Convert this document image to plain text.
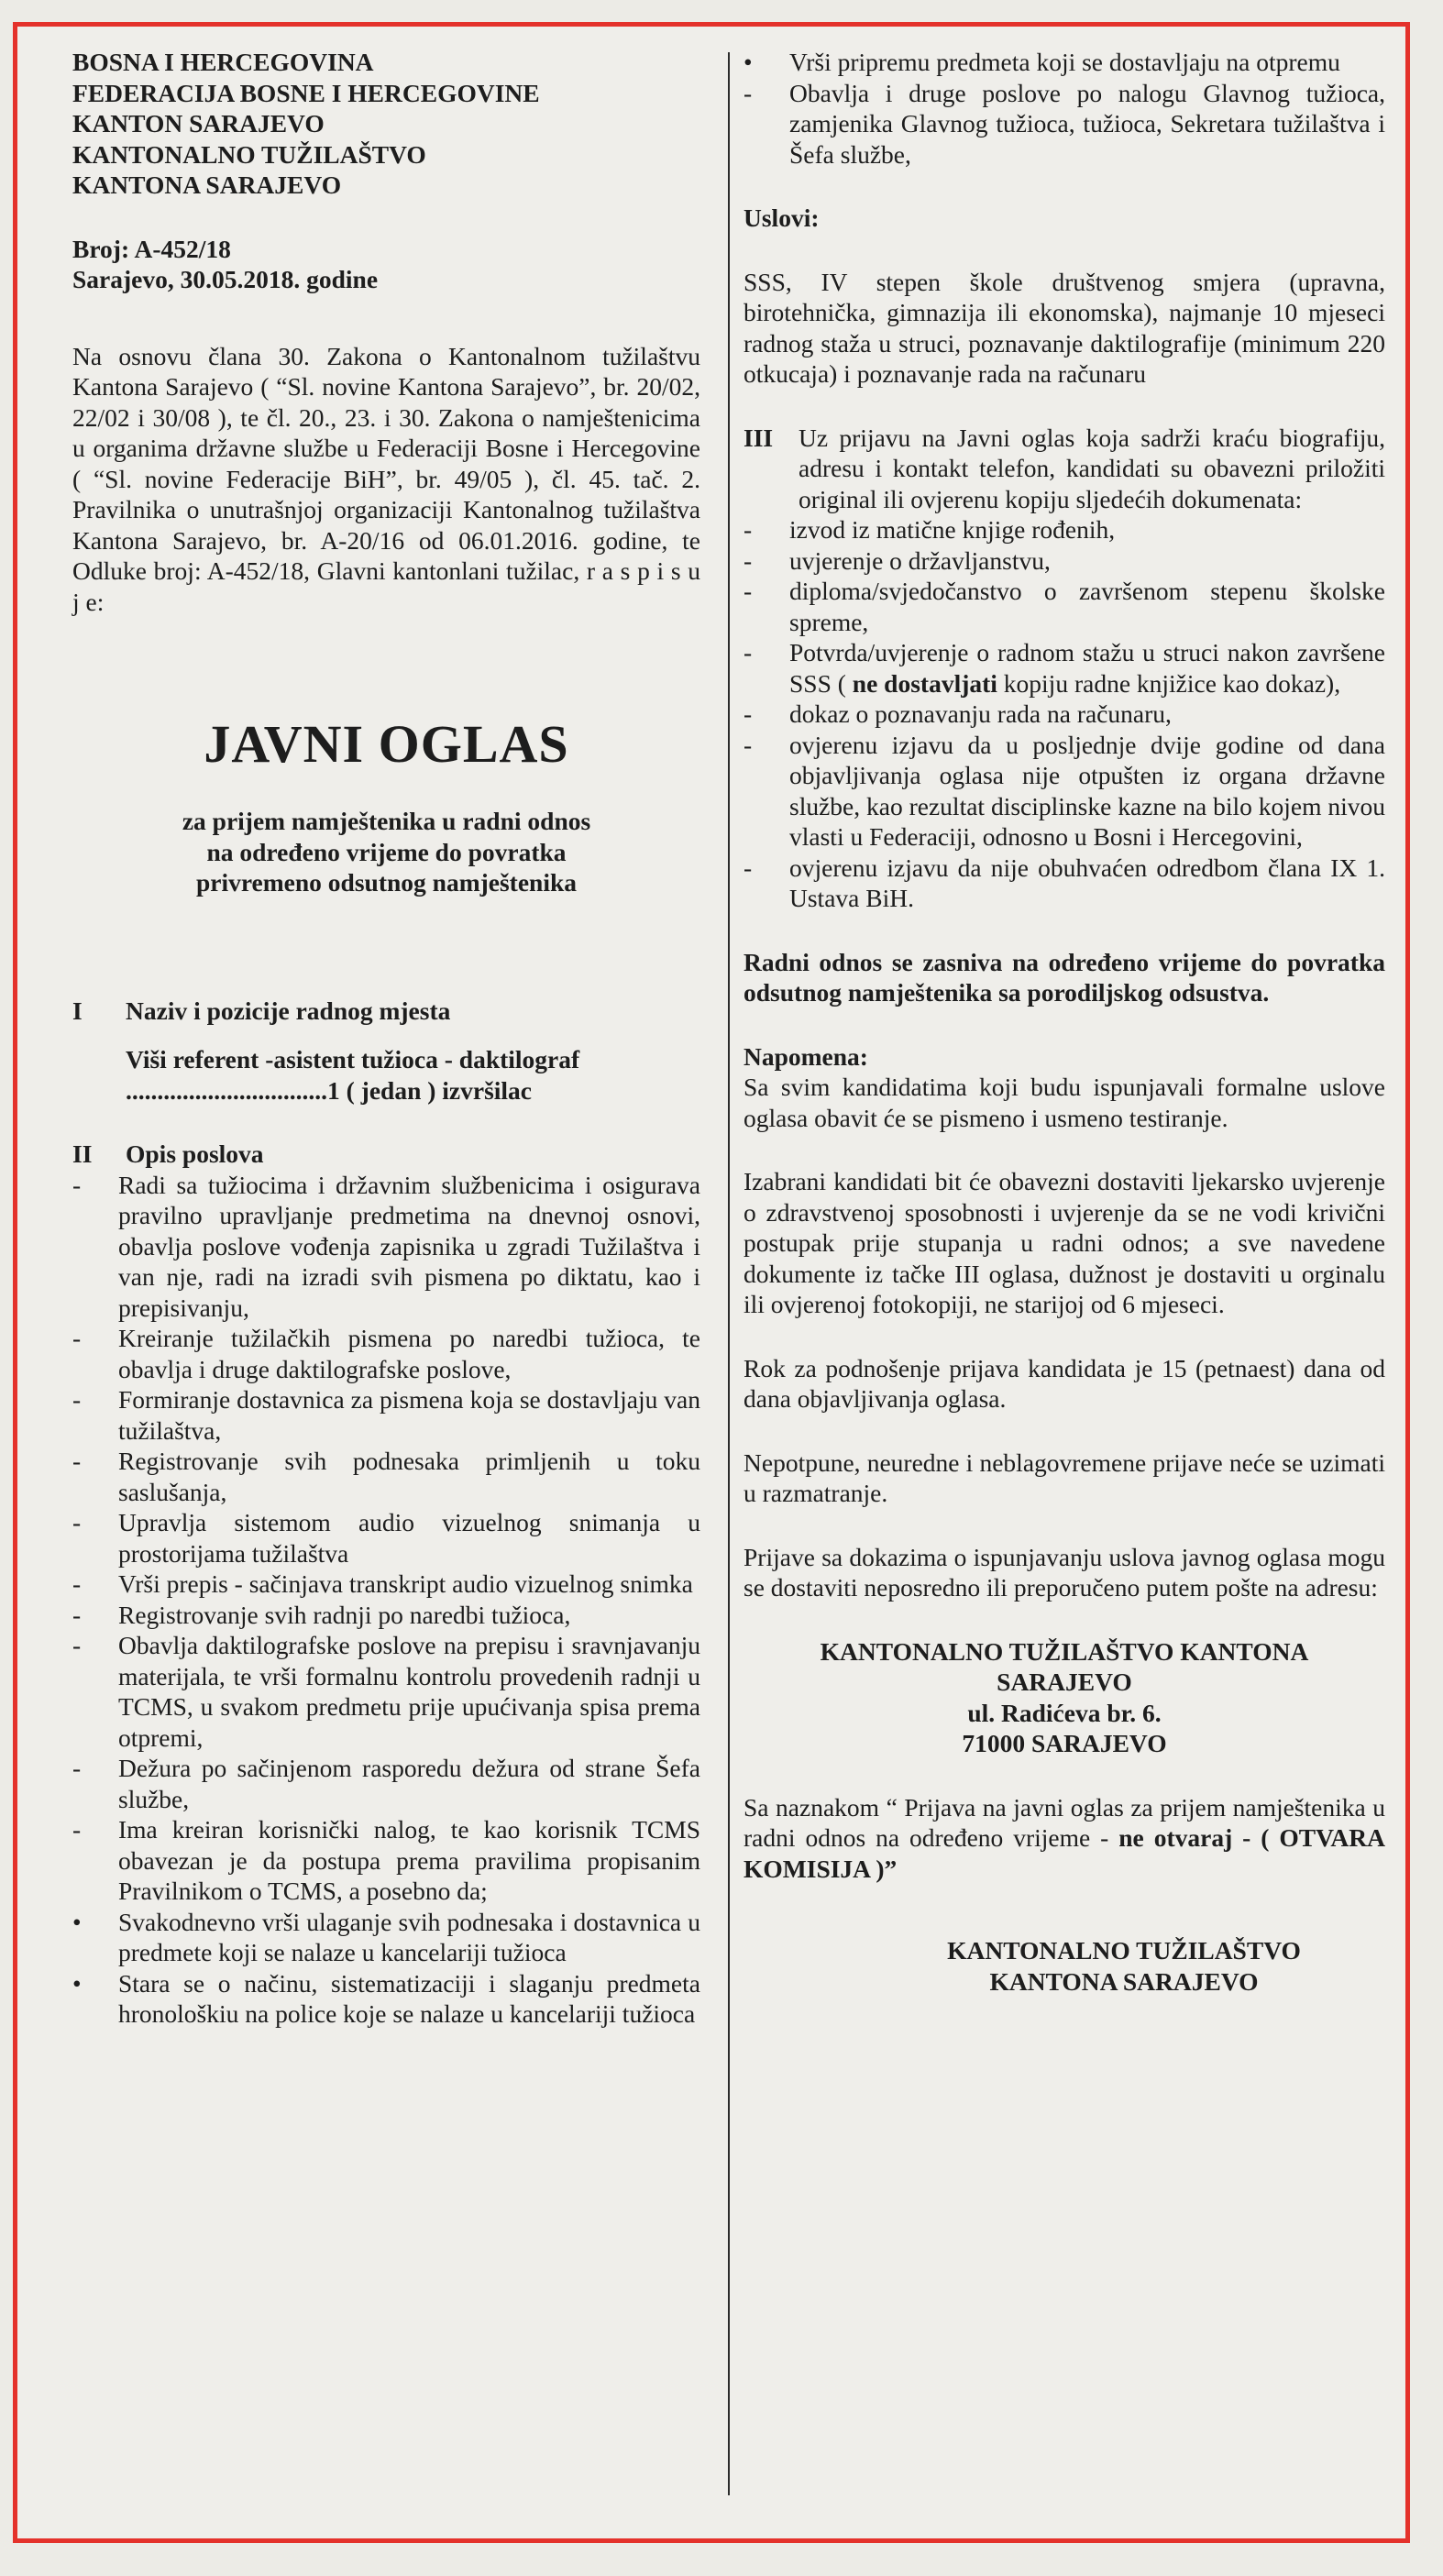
BOSNA I HERCEGOVINA

FEDERACIJA BOSNE I HERCEGOVINE

KANTON SARAJEVO

KANTONALNO TUŽILAŠTVO

KANTONA SARAJEVO

Broj: A-452/18

Sarajevo, 30.05.2018. godine

Na osnovu člana 30. Zakona o Kantonalnom tužilaštvu Kantona Sarajevo ( “Sl. novine Kantona Sarajevo”, br. 20/02, 22/02 i 30/08 ), te čl. 20., 23. i 30. Zakona o namještenicima u organima državne službe u Federaciji Bosne i Hercegovine ( “Sl. novine Federacije BiH”, br. 49/05 ), čl. 45. tač. 2. Pravilnika o unutrašnjoj organizaciji Kantonalnog tužilaštva Kantona Sarajevo, br. A-20/16 od 06.01.2016. godine, te Odluke broj: A-452/18, Glavni kantonlani tužilac, r a s p i s u j e:

JAVNI OGLAS

za prijem namještenika u radni odnos

na određeno vrijeme do povratka

privremeno odsutnog namještenika

I	Naziv i pozicije radnog mjesta

Viši referent -asistent tužioca - daktilograf

................................1 ( jedan ) izvršilac

II	Opis poslova
- Radi sa tužiocima i državnim službenicima i osigurava pravilno upravljanje predmetima na dnevnoj osnovi, obavlja poslove vođenja zapisnika u zgradi Tužilaštva i van nje, radi na izradi svih pismena po diktatu, kao i prepisivanju,
- Kreiranje tužilačkih pismena po naredbi tužioca, te obavlja i druge daktilografske poslove,
- Formiranje dostavnica za pismena koja se dostavljaju van tužilaštva,
- Registrovanje svih podnesaka primljenih u toku saslušanja,
- Upravlja sistemom audio vizuelnog snimanja u prostorijama tužilaštva
- Vrši prepis - sačinjava transkript audio vizuelnog snimka
- Registrovanje svih radnji po naredbi tužioca,
- Obavlja daktilografske poslove na prepisu i sravnjavanju materijala, te vrši formalnu kontrolu provedenih radnji u TCMS, u svakom predmetu prije upućivanja spisa prema otpremi,
- Dežura po sačinjenom rasporedu dežura od strane Šefa službe,
- Ima kreiran korisnički nalog, te kao korisnik TCMS obavezan je da postupa prema pravilima propisanim Pravilnikom o TCMS, a posebno da;
• Svakodnevno vrši ulaganje svih podnesaka i dostavnica u predmete koji se nalaze u kancelariji tužioca
• Stara se o načinu, sistematizaciji i slaganju predmeta hronološkiu na police koje se nalaze u kancelariji tužioca
• Vrši pripremu predmeta koji se dostavljaju na otpremu
- Obavlja i druge poslove po nalogu Glavnog tužioca, zamjenika Glavnog tužioca, tužioca, Sekretara tužilaštva i Šefa službe,

Uslovi:

SSS, IV stepen škole društvenog smjera (upravna, birotehnička, gimnazija ili ekonomska), najmanje 10 mjeseci radnog staža u struci, poznavanje daktilografije (minimum 220 otkucaja) i poznavanje rada na računaru

III	Uz prijavu na Javni oglas koja sadrži kraću biografiju, adresu i kontakt telefon, kandidati su obavezni priložiti original ili ovjerenu kopiju sljedećih dokumenata:
- izvod iz matične knjige rođenih,
- uvjerenje o državljanstvu,
- diploma/svjedočanstvo o završenom stepenu školske spreme,
- Potvrda/uvjerenje o radnom stažu u struci nakon završene SSS ( ne dostavljati kopiju radne knjižice kao dokaz),
- dokaz o poznavanju rada na računaru,
- ovjerenu izjavu da u posljednje dvije godine od dana objavljivanja oglasa nije otpušten iz organa državne službe, kao rezultat disciplinske kazne na bilo kojem nivou vlasti u Federaciji, odnosno u Bosni i Hercegovini,
- ovjerenu izjavu da nije obuhvaćen odredbom člana IX 1. Ustava BiH.

Radni odnos se zasniva na određeno vrijeme do povratka odsutnog namještenika sa porodiljskog odsustva.

Napomena:

Sa svim kandidatima koji budu ispunjavali formalne uslove oglasa obavit će se pismeno i usmeno testiranje.

Izabrani kandidati bit će obavezni dostaviti ljekarsko uvjerenje o zdravstvenoj sposobnosti i uvjerenje da se ne vodi krivični postupak prije stupanja u radni odnos; a sve navedene dokumente iz tačke III oglasa, dužnost je dostaviti u orginalu ili ovjerenoj fotokopiji, ne starijoj od 6 mjeseci.

Rok za podnošenje prijava kandidata je 15 (petnaest) dana od dana objavljivanja oglasa.

Nepotpune, neuredne i neblagovremene prijave neće se uzimati u razmatranje.

Prijave sa dokazima o ispunjavanju uslova javnog oglasa mogu se dostaviti neposredno ili preporučeno putem pošte na adresu:

KANTONALNO TUŽILAŠTVO KANTONA

SARAJEVO

ul. Radićeva br. 6.

71000 SARAJEVO

Sa naznakom “ Prijava na javni oglas za prijem namještenika u radni odnos na određeno vrijeme - ne otvaraj - ( OTVARA KOMISIJA )”

KANTONALNO TUŽILAŠTVO

KANTONA SARAJEVO
